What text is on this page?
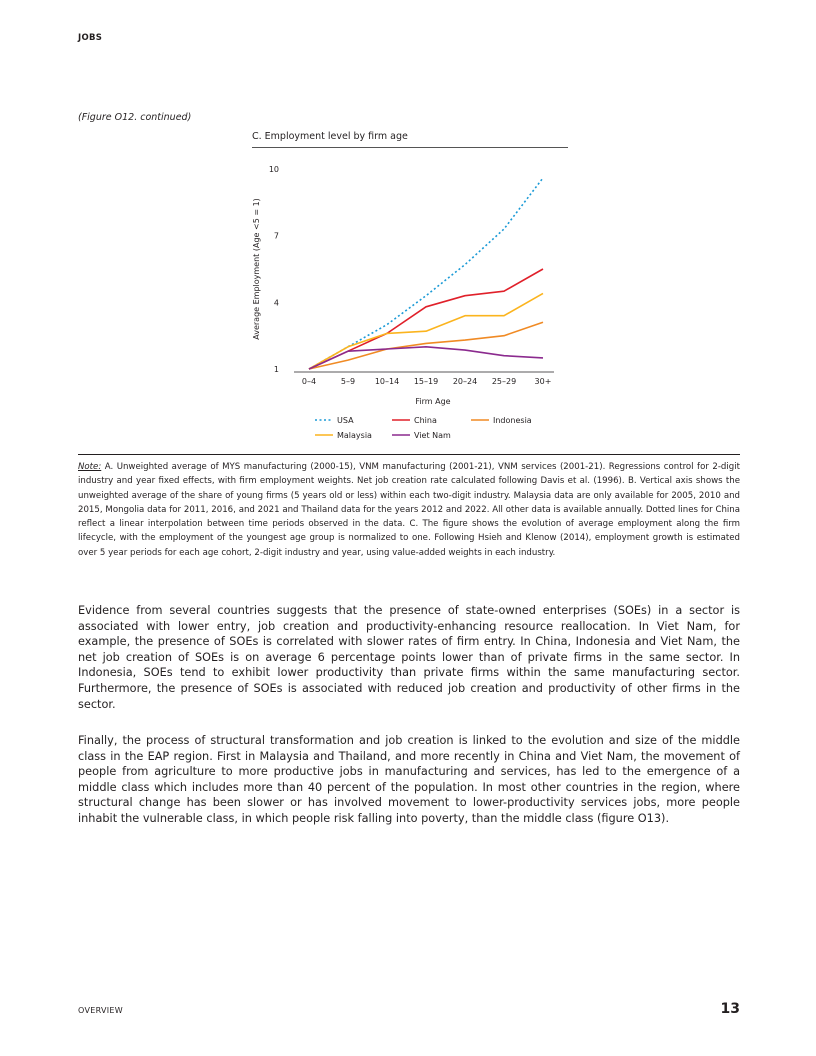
JOBS
(Figure O12. continued)
C. Employment level by firm age
1
4
7
10
0–4	5–9 10–14 15–19 20–24 25–29 30+
Firm Age
Average Employment (Age <5 = 1)
USA	China	Indonesia
Malaysia	Viet Nam
Note: A. Unweighted average of MYS manufacturing (2000-15), VNM manufacturing (2001-21), VNM services (2001-21). Regressions control for 2-digit industry and year fixed effects, with firm employment weights. Net job creation rate calculated following Davis et al. (1996). B. Vertical axis shows the unweighted average of the share of young firms (5 years old or less) within each two-digit industry. Malaysia data are only available for 2005, 2010 and 2015, Mongolia data for 2011, 2016, and 2021 and Thailand data for the years 2012 and 2022. All other data is available annually. Dotted lines for China reflect a linear interpolation between time periods observed in the data. C. The figure shows the evolution of average employment along the firm lifecycle, with the employment of the youngest age group is normalized to one. Following Hsieh and Klenow (2014), employment growth is estimated over 5 year periods for each age cohort, 2-digit industry and year, using value-added weights in each industry.
Evidence from several countries suggests that the presence of state-owned enterprises (SOEs) in a sector is associated with lower entry, job creation and productivity-enhancing resource reallocation. In Viet Nam, for example, the presence of SOEs is correlated with slower rates of firm entry. In China, Indonesia and Viet Nam, the net job creation of SOEs is on average 6 percentage points lower than of private firms in the same sector. In Indonesia, SOEs tend to exhibit lower productivity than private firms within the same manufacturing sector. Furthermore, the presence of SOEs is associated with reduced job creation and productivity of other firms in the sector.
Finally, the process of structural transformation and job creation is linked to the evolution and size of the middle class in the EAP region. First in Malaysia and Thailand, and more recently in China and Viet Nam, the movement of people from agriculture to more productive jobs in manufacturing and services, has led to the emergence of a middle class which includes more than 40 percent of the population. In most other countries in the region, where structural change has been slower or has involved movement to lower-productivity services jobs, more people inhabit the vulnerable class, in which people risk falling into poverty, than the middle class (figure O13).
OVERVIEW	13
